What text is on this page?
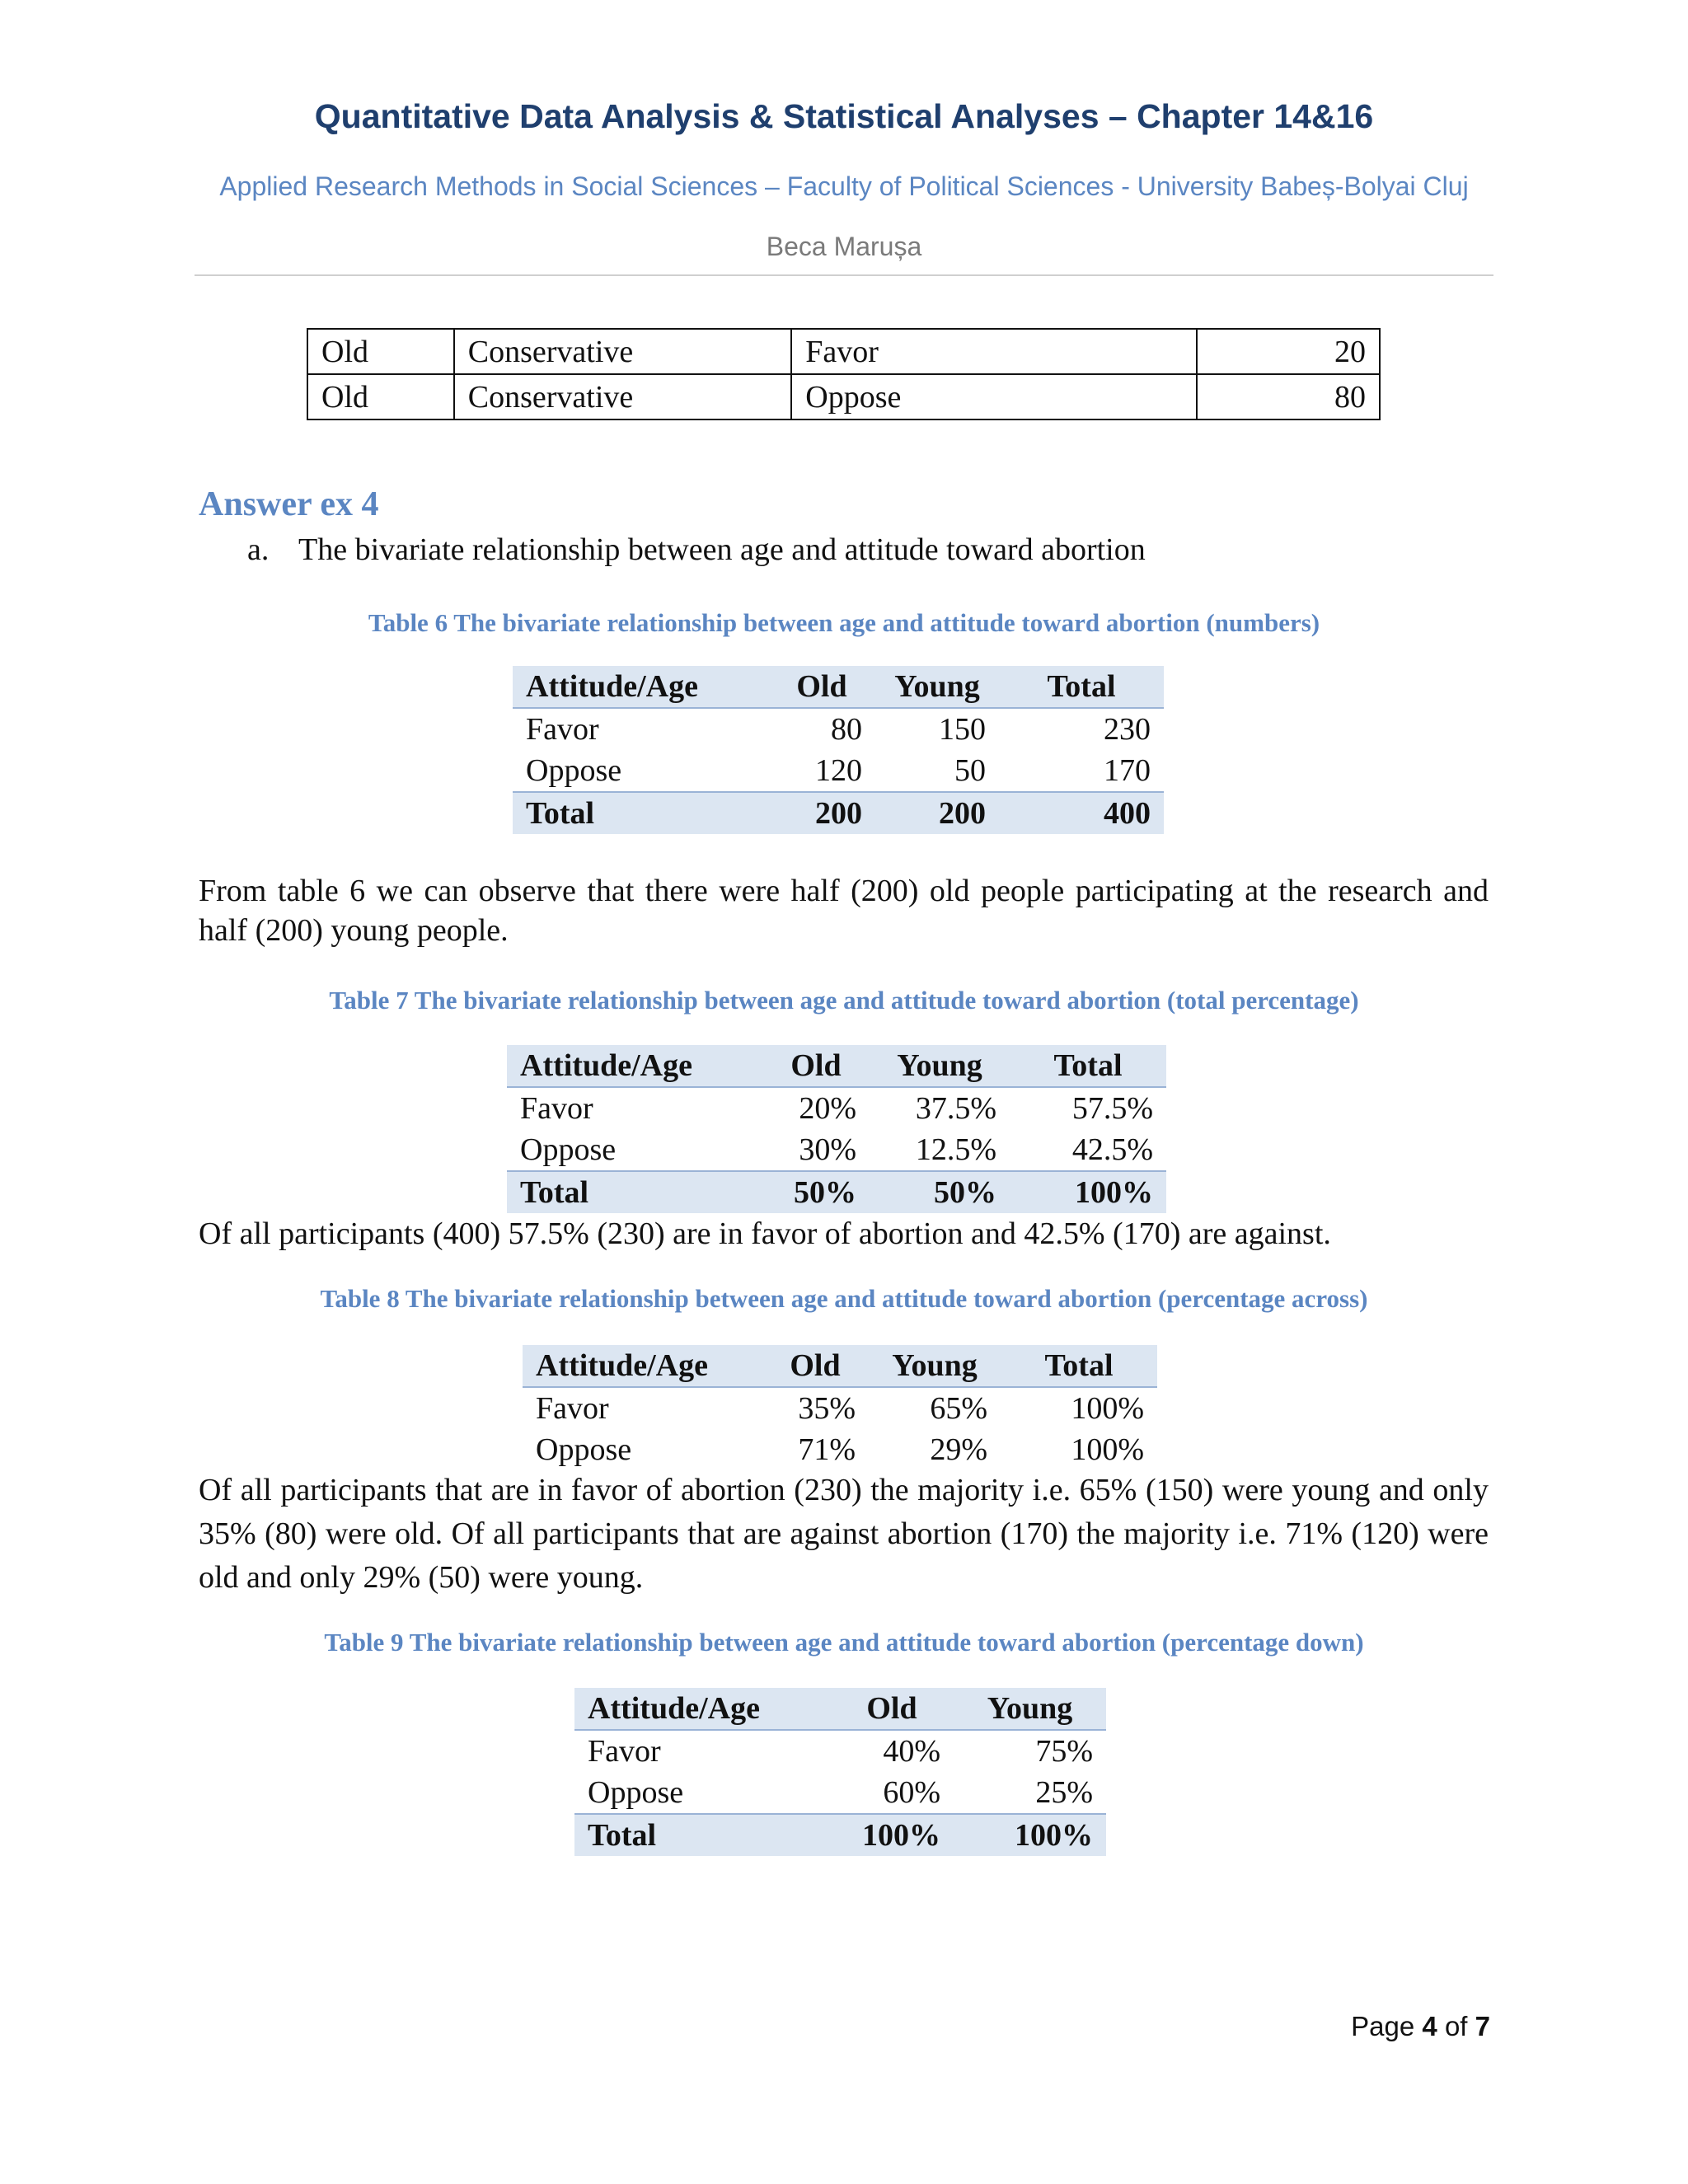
Quantitative Data Analysis & Statistical Analyses – Chapter 14&16
Applied Research Methods in Social Sciences – Faculty of Political Sciences - University Babeș-Bolyai Cluj
Beca Marușa
Old	Conservative	Favor	20
Old	Conservative	Oppose	80
Answer ex 4
a. The bivariate relationship between age and attitude toward abortion
Table 6 The bivariate relationship between age and attitude toward abortion (numbers)
Attitude/Age	Old	Young	Total
Favor	80	150	230
Oppose	120	50	170
Total	200	200	400
From table 6 we can observe that there were half (200) old people participating at the research and half (200) young people.
Table 7 The bivariate relationship between age and attitude toward abortion (total percentage)
Attitude/Age	Old	Young	Total
Favor	20%	37.5%	57.5%
Oppose	30%	12.5%	42.5%
Total	50%	50%	100%
Of all participants (400) 57.5% (230) are in favor of abortion and 42.5% (170) are against.
Table 8 The bivariate relationship between age and attitude toward abortion (percentage across)
Attitude/Age	Old	Young	Total
Favor	35%	65%	100%
Oppose	71%	29%	100%
Of all participants that are in favor of abortion (230) the majority i.e. 65% (150) were young and only 35% (80) were old. Of all participants that are against abortion (170) the majority i.e. 71% (120) were old and only 29% (50) were young.
Table 9 The bivariate relationship between age and attitude toward abortion (percentage down)
Attitude/Age	Old	Young
Favor	40%	75%
Oppose	60%	25%
Total	100%	100%
Page 4 of 7
